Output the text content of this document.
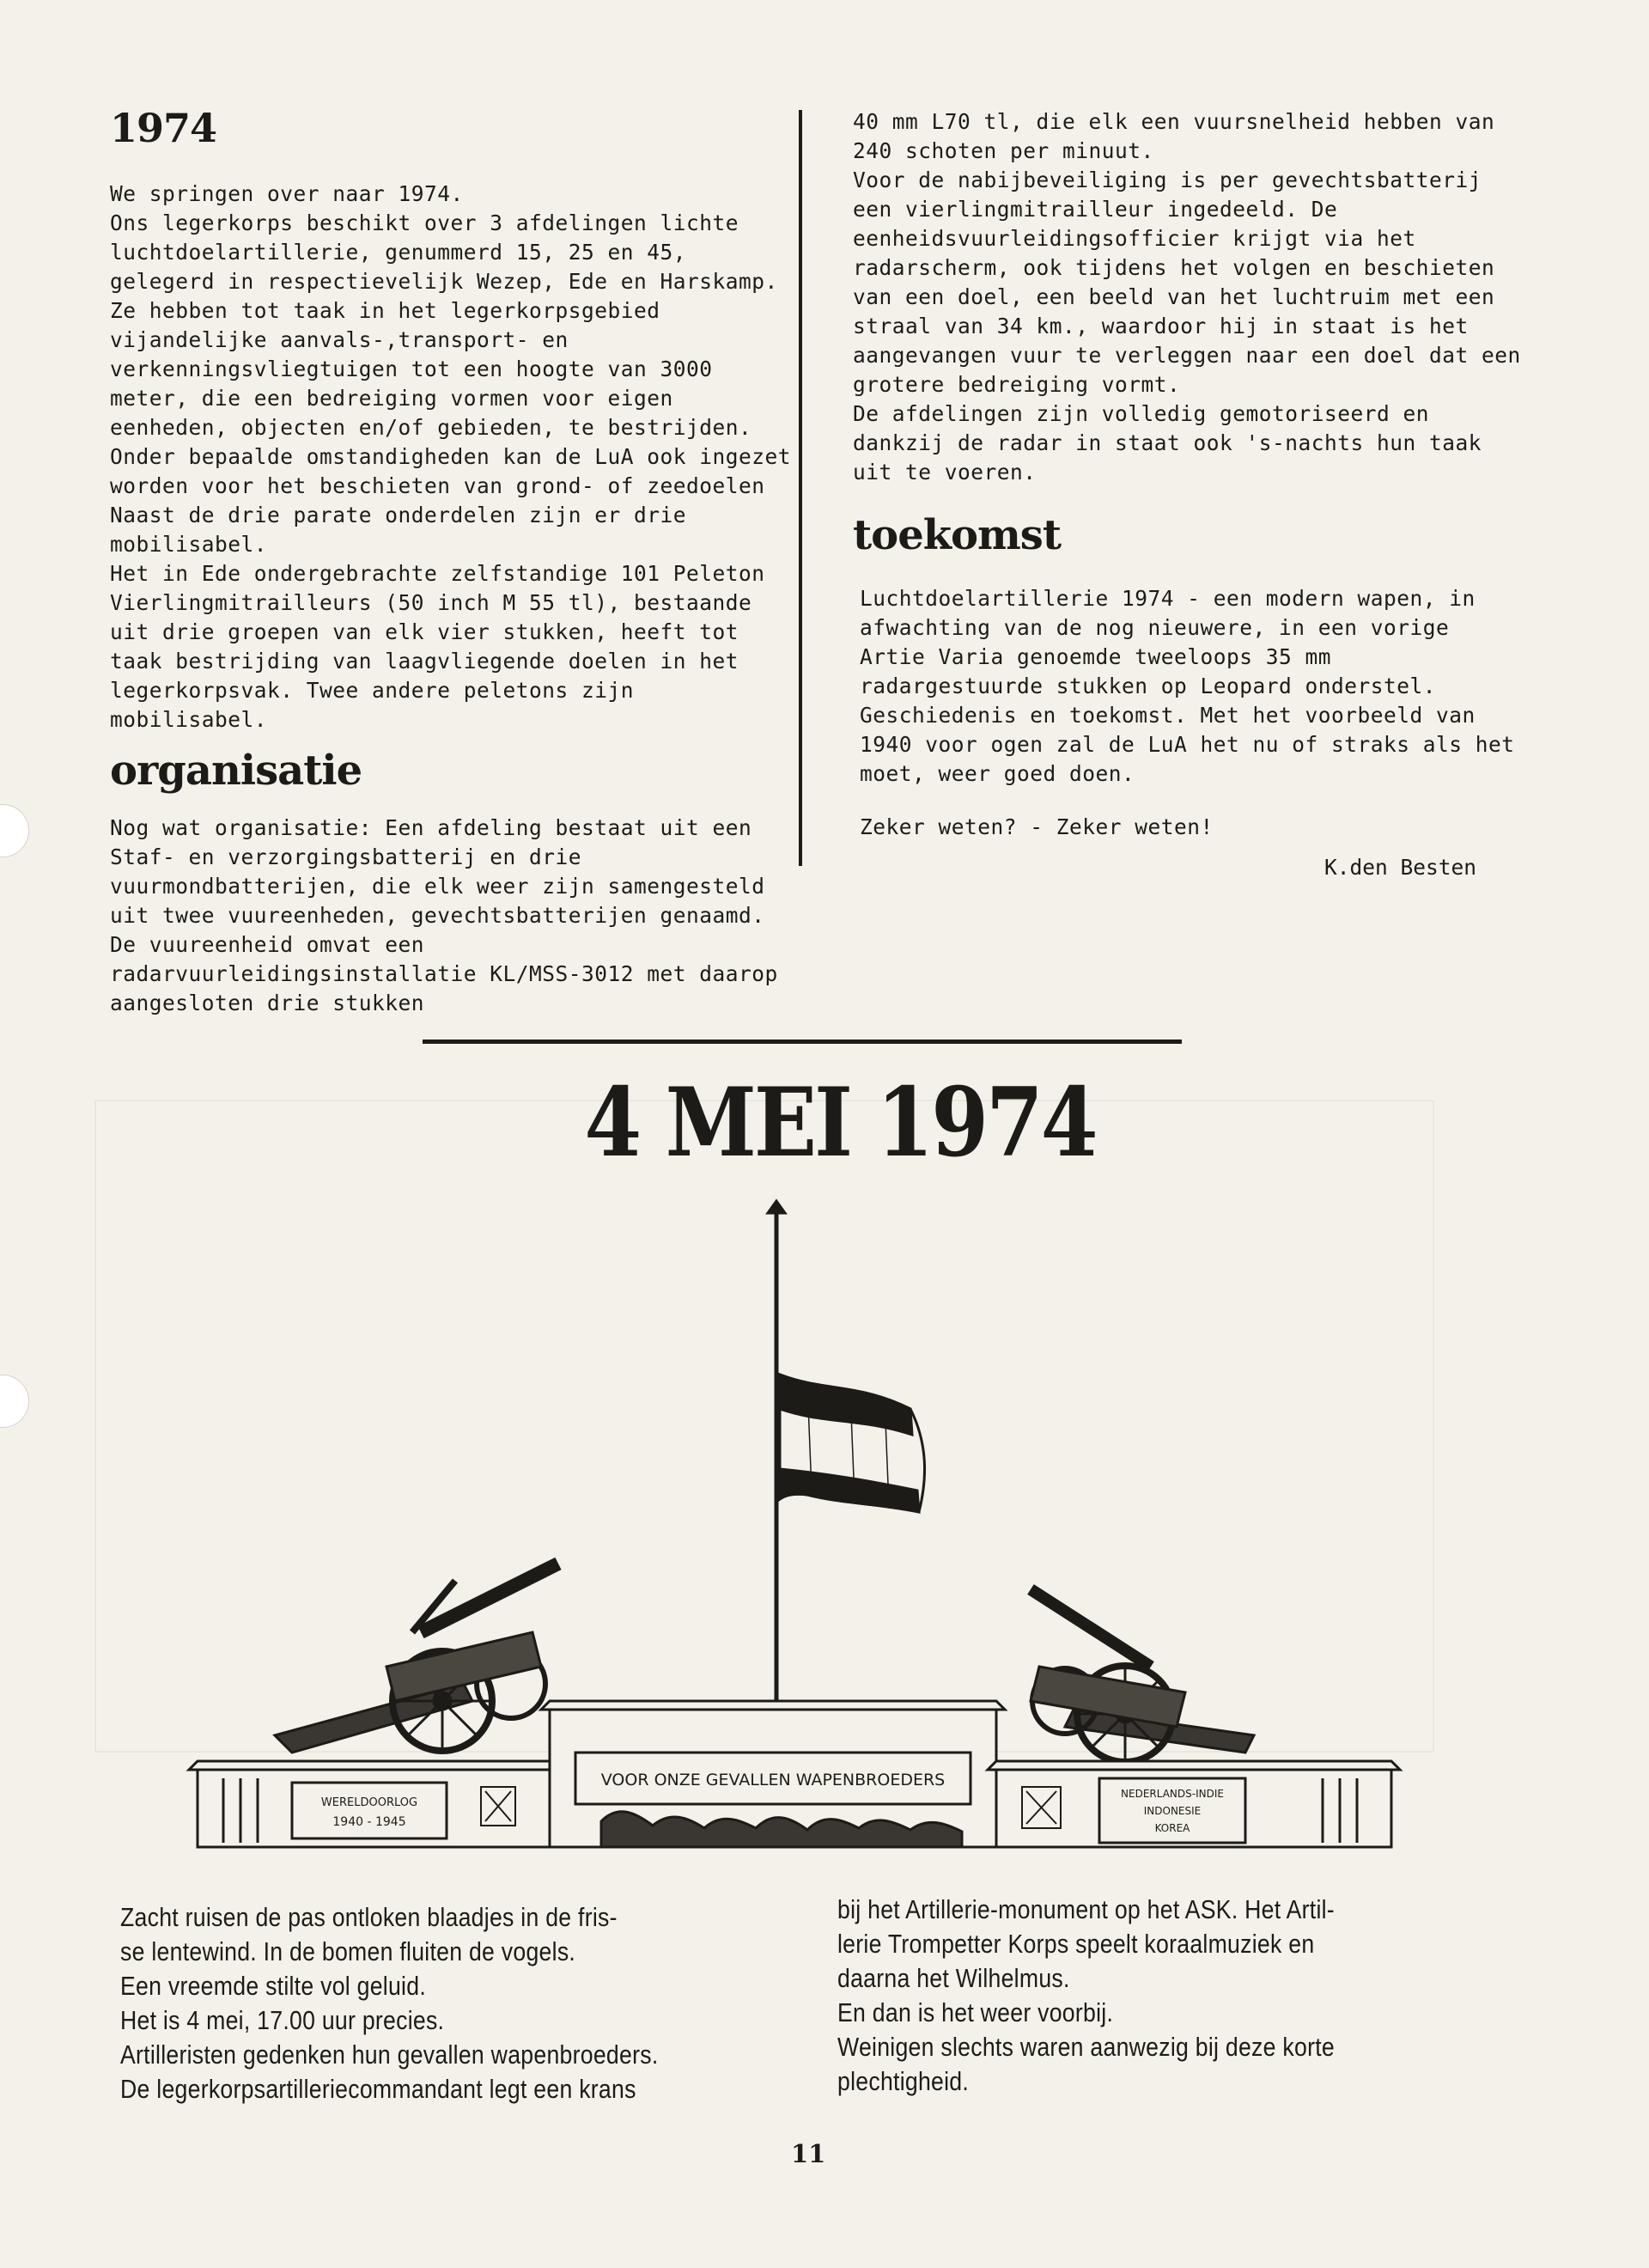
1974
We springen over naar 1974.
Ons legerkorps beschikt over 3 afdelingen lichte luchtdoelartillerie, genummerd 15, 25 en 45, gelegerd in respectievelijk Wezep, Ede en Harskamp.
Ze hebben tot taak in het legerkorpsgebied vijandelijke aanvals-,transport- en verkenningsvliegtuigen tot een hoogte van 3000 meter, die een bedreiging vormen voor eigen eenheden, objecten en/of gebieden, te bestrijden.
Onder bepaalde omstandigheden kan de LuA ook ingezet worden voor het beschieten van grond- of zeedoelen
Naast de drie parate onderdelen zijn er drie mobilisabel.
Het in Ede ondergebrachte zelfstandige 101 Peleton Vierlingmitrailleurs (50 inch M 55 tl), bestaande uit drie groepen van elk vier stukken, heeft tot taak bestrijding van laagvliegende doelen in het legerkorpsvak. Twee andere peletons zijn mobilisabel.
organisatie
Nog wat organisatie: Een afdeling bestaat uit een Staf- en verzorgingsbatterij en drie vuurmondbatterijen, die elk weer zijn samengesteld uit twee vuureenheden, gevechtsbatterijen genaamd.
De vuureenheid omvat een radarvuurleidingsinstallatie KL/MSS-3012 met daarop aangesloten drie stukken
40 mm L70 tl, die elk een vuursnelheid hebben van 240 schoten per minuut.
Voor de nabijbeveiliging is per gevechtsbatterij een vierlingmitrailleur ingedeeld. De eenheidsvuurleidingsofficier krijgt via het radarscherm, ook tijdens het volgen en beschieten van een doel, een beeld van het luchtruim met een straal van 34 km., waardoor hij in staat is het aangevangen vuur te verleggen naar een doel dat een grotere bedreiging vormt.
De afdelingen zijn volledig gemotoriseerd en dankzij de radar in staat ook 's-nachts hun taak uit te voeren.
toekomst
Luchtdoelartillerie 1974 - een modern wapen, in afwachting van de nog nieuwere, in een vorige Artie Varia genoemde tweeloops 35 mm radargestuurde stukken op Leopard onderstel.
Geschiedenis en toekomst. Met het voorbeeld van 1940 voor ogen zal de LuA het nu of straks als het moet, weer goed doen.
Zeker weten? - Zeker weten!
K.den Besten
4 MEI 1974
VOOR ONZE GEVALLEN WAPENBROEDERS
WERELDOORLOG
1940 - 1945
NEDERLANDS-INDIE
INDONESIE
KOREA
Zacht ruisen de pas ontloken blaadjes in de fris-
se lentewind. In de bomen fluiten de vogels.
Een vreemde stilte vol geluid.
Het is 4 mei, 17.00 uur precies.
Artilleristen gedenken hun gevallen wapenbroeders.
De legerkorpsartilleriecommandant legt een krans
bij het Artillerie-monument op het ASK. Het Artil-
lerie Trompetter Korps speelt koraalmuziek en
daarna het Wilhelmus.
En dan is het weer voorbij.
Weinigen slechts waren aanwezig bij deze korte
plechtigheid.
11
